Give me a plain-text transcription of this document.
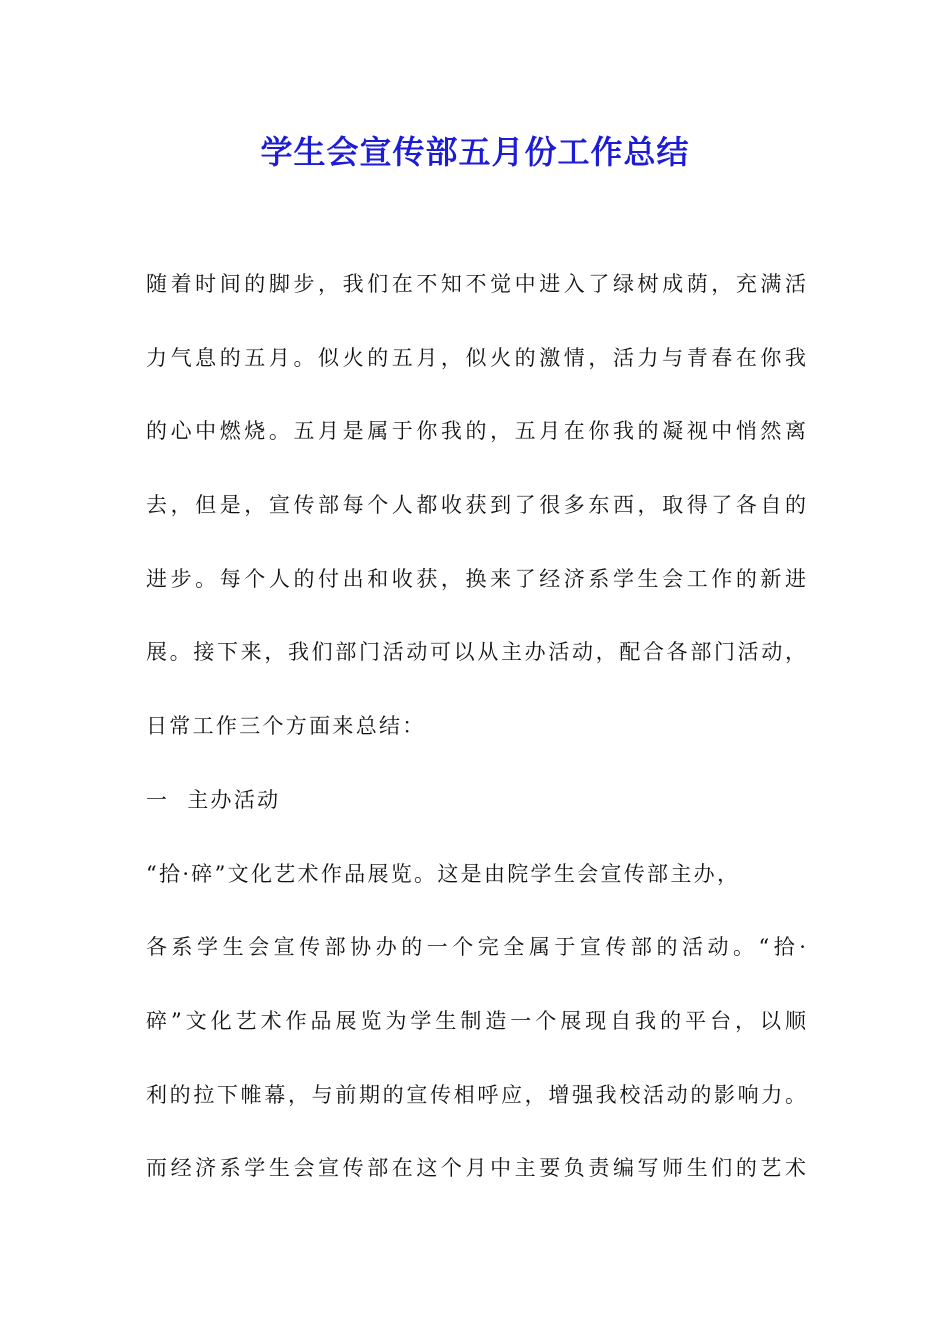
学生会宣传部五月份工作总结
随着时间的脚步，我们在不知不觉中进入了绿树成荫，充满活
力气息的五月。似火的五月，似火的激情，活力与青春在你我
的心中燃烧。五月是属于你我的，五月在你我的凝视中悄然离
去，但是，宣传部每个人都收获到了很多东西，取得了各自的
进步。每个人的付出和收获，换来了经济系学生会工作的新进
展。接下来，我们部门活动可以从主办活动，配合各部门活动，
日常工作三个方面来总结：
一  主办活动
“拾·碎”文化艺术作品展览。这是由院学生会宣传部主办，
各系学生会宣传部协办的一个完全属于宣传部的活动。“拾·
碎”文化艺术作品展览为学生制造一个展现自我的平台，以顺
利的拉下帷幕，与前期的宣传相呼应，增强我校活动的影响力。
而经济系学生会宣传部在这个月中主要负责编写师生们的艺术
